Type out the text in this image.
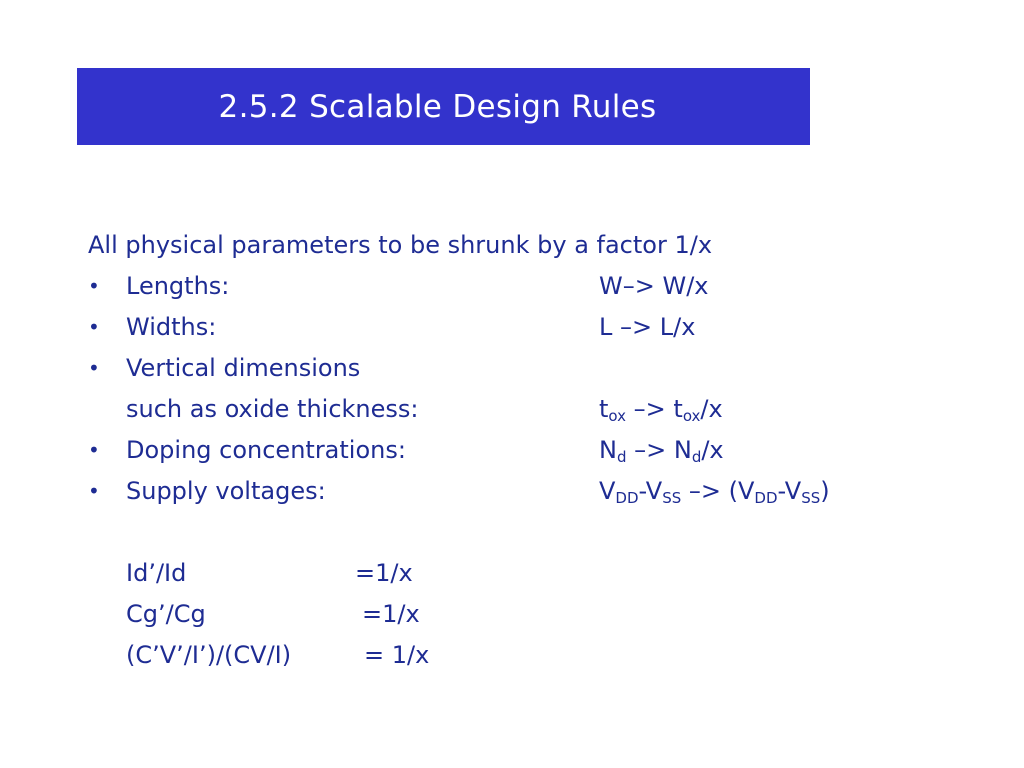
2.5.2 Scalable Design Rules
All physical parameters to be shrunk by a factor 1/x
• Lengths:	W–> W/x
• Widths:	L –> L/x
• Vertical dimensions
such as oxide thickness:	$t_{ox} -> t_{ox}/x$
• Doping concentrations:	$N_d -> N_d/x$
• Supply voltages:	$V_{DD}-V_{SS} -> (V_{DD}-V_{SS})$
Id’/Id	=1/x
Cg’/Cg	=1/x
(C’V’/I’)/(CV/I)	= 1/x
